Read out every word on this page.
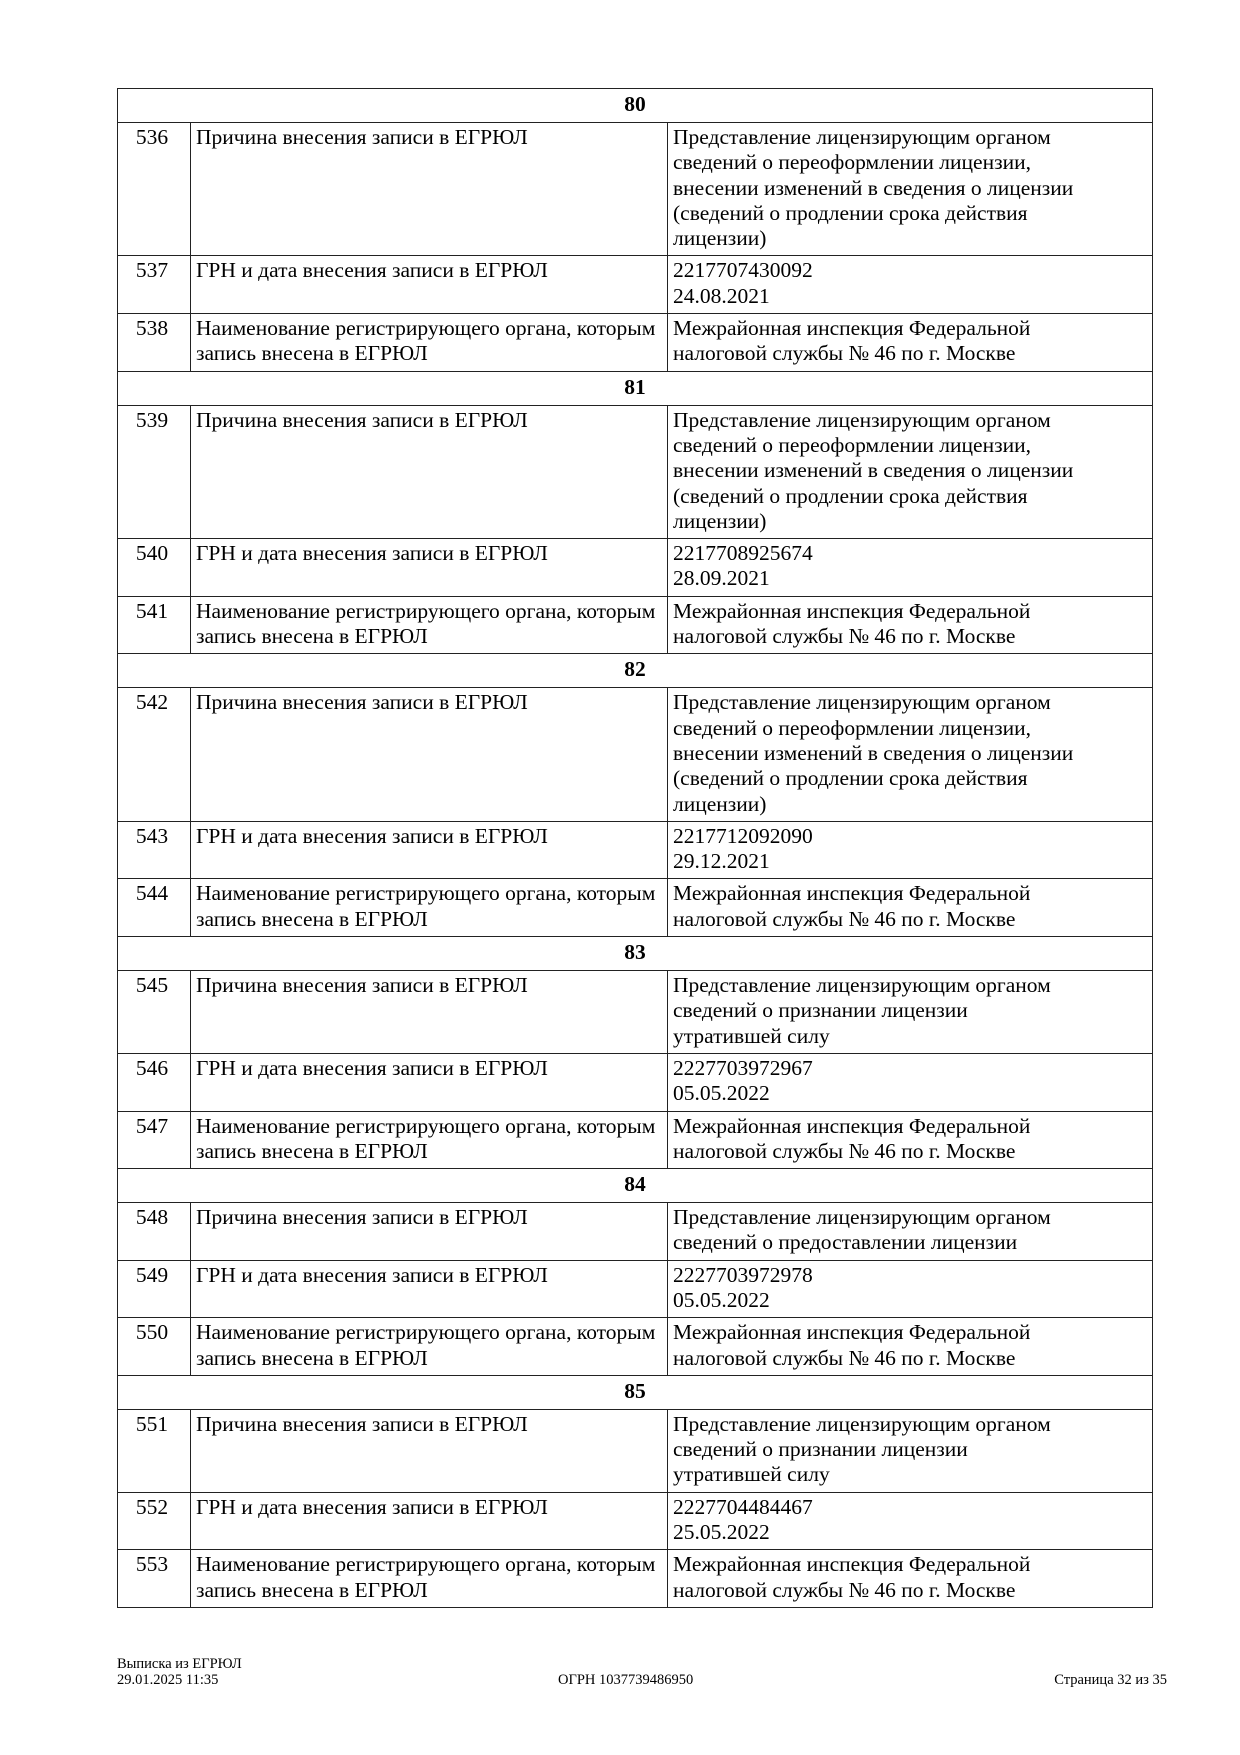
80		
536	Причина внесения записи в ЕГРЮЛ	Представление лицензирующим органом
сведений о переоформлении лицензии,
внесении изменений в сведения о лицензии
(сведений о продлении срока действия
лицензии)

537	ГРН и дата внесения записи в ЕГРЮЛ	2217707430092
24.08.2021

538	Наименование регистрирующего органа, которым запись внесена в ЕГРЮЛ	Межрайонная инспекция Федеральной
налоговой службы № 46 по г. Москве

81		
539	Причина внесения записи в ЕГРЮЛ	Представление лицензирующим органом
сведений о переоформлении лицензии,
внесении изменений в сведения о лицензии
(сведений о продлении срока действия
лицензии)

540	ГРН и дата внесения записи в ЕГРЮЛ	2217708925674
28.09.2021

541	Наименование регистрирующего органа, которым запись внесена в ЕГРЮЛ	Межрайонная инспекция Федеральной
налоговой службы № 46 по г. Москве

82		
542	Причина внесения записи в ЕГРЮЛ	Представление лицензирующим органом
сведений о переоформлении лицензии,
внесении изменений в сведения о лицензии
(сведений о продлении срока действия
лицензии)

543	ГРН и дата внесения записи в ЕГРЮЛ	2217712092090
29.12.2021

544	Наименование регистрирующего органа, которым запись внесена в ЕГРЮЛ	Межрайонная инспекция Федеральной
налоговой службы № 46 по г. Москве

83		
545	Причина внесения записи в ЕГРЮЛ	Представление лицензирующим органом
сведений о признании лицензии
утратившей силу

546	ГРН и дата внесения записи в ЕГРЮЛ	2227703972967
05.05.2022

547	Наименование регистрирующего органа, которым запись внесена в ЕГРЮЛ	Межрайонная инспекция Федеральной
налоговой службы № 46 по г. Москве

84		
548	Причина внесения записи в ЕГРЮЛ	Представление лицензирующим органом
сведений о предоставлении лицензии

549	ГРН и дата внесения записи в ЕГРЮЛ	2227703972978
05.05.2022

550	Наименование регистрирующего органа, которым запись внесена в ЕГРЮЛ	Межрайонная инспекция Федеральной
налоговой службы № 46 по г. Москве

85		
551	Причина внесения записи в ЕГРЮЛ	Представление лицензирующим органом
сведений о признании лицензии
утратившей силу

552	ГРН и дата внесения записи в ЕГРЮЛ	2227704484467
25.05.2022

553	Наименование регистрирующего органа, которым запись внесена в ЕГРЮЛ	Межрайонная инспекция Федеральной
налоговой службы № 46 по г. Москве
Выписка из ЕГРЮЛ
29.01.2025 11:35	ОГРН 1037739486950	Страница 32 из 35
